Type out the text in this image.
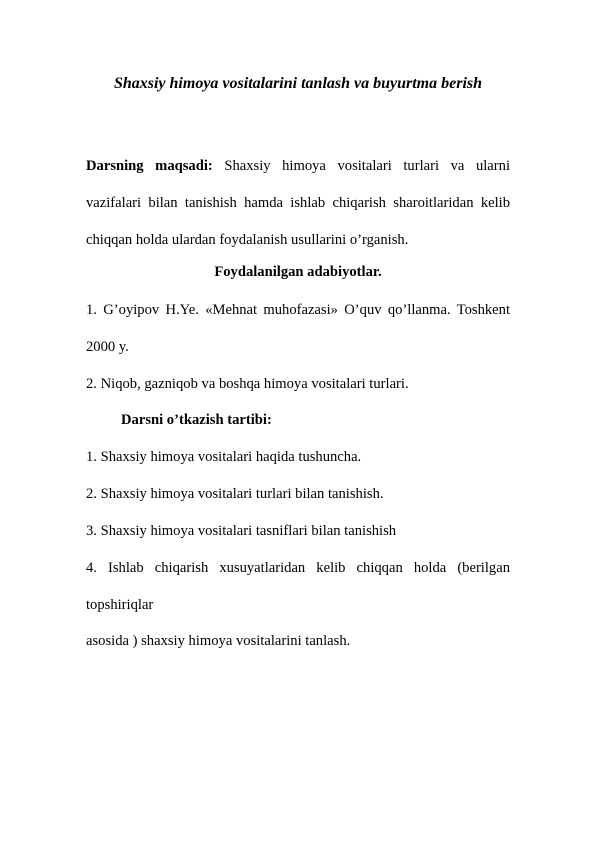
Shaxsiy himoya vositalarini tanlash va buyurtma berish
Darsning maqsadi: Shaxsiy himoya vositalari turlari va ularni
vazifalari bilan tanishish hamda ishlab chiqarish sharoitlaridan kelib
chiqqan holda ulardan foydalanish usullarini o’rganish.
Foydalanilgan adabiyotlar.
1. G’oyipov H.Ye. «Mehnat muhofazasi» O’quv qo’llanma. Toshkent
2000 y.
2. Niqob, gazniqob va boshqa himoya vositalari turlari.
Darsni o’tkazish tartibi:
1. Shaxsiy himoya vositalari haqida tushuncha.
2. Shaxsiy himoya vositalari turlari bilan tanishish.
3. Shaxsiy himoya vositalari tasniflari bilan tanishish
4. Ishlab chiqarish xusuyatlaridan kelib chiqqan holda (berilgan
topshiriqlar
asosida ) shaxsiy himoya vositalarini tanlash.
